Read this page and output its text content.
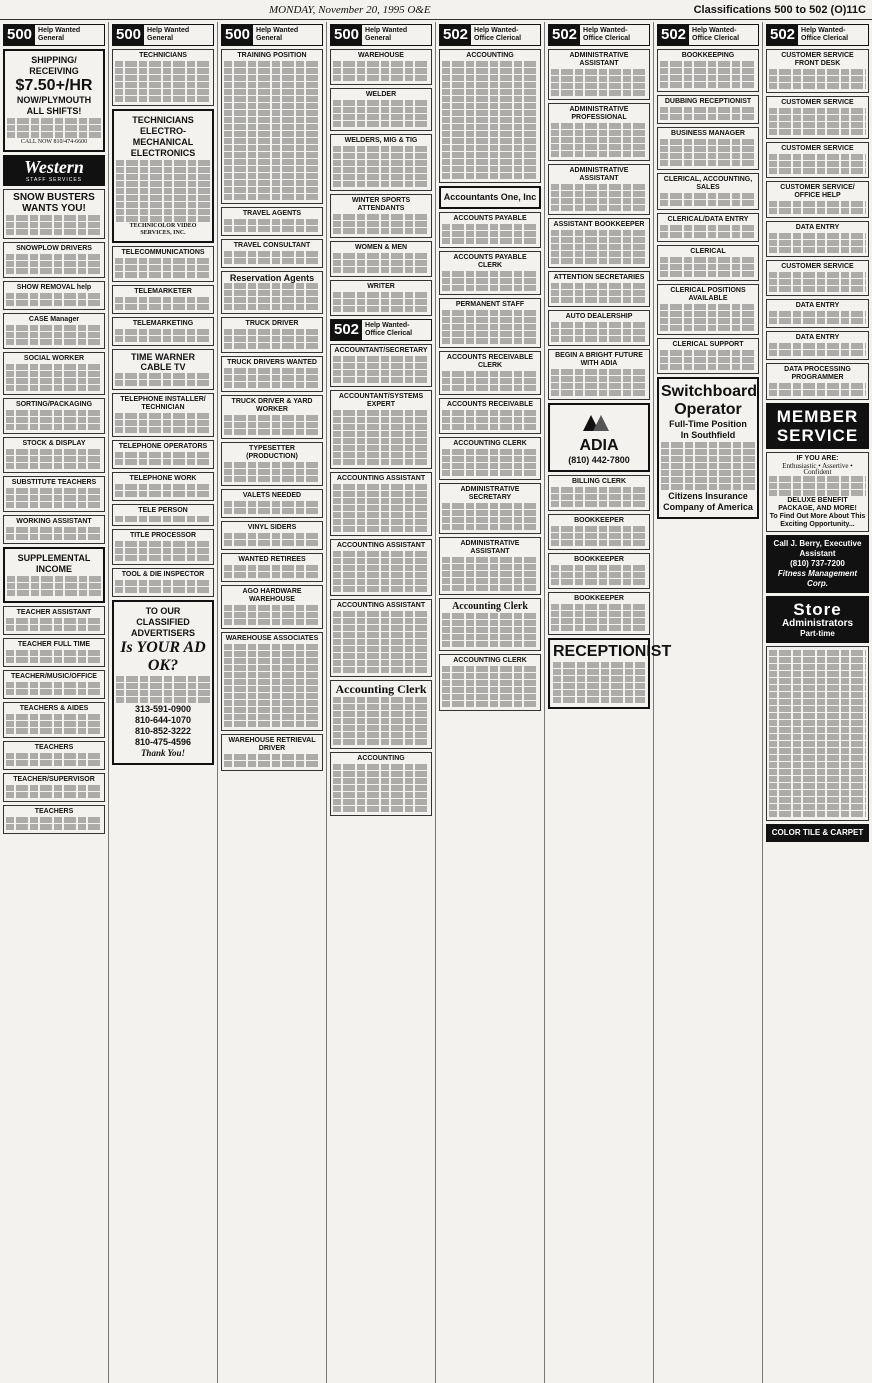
MONDAY, November 20, 1995 O&E	Classifications 500 to 502 (O)11C
500 Help Wanted General
SHIPPING/
RECEIVING
$7.50+/HR
NOW/PLYMOUTH
ALL SHIFTS!
CALL NOW 810/474-6600
Western
STAFF SERVICES
SNOW BUSTERS WANTS YOU!
SNOWPLOW DRIVERS
SHOW REMOVAL help
CASE Manager
SOCIAL WORKER
SORTING/PACKAGING
STOCK & DISPLAY
SUBSTITUTE TEACHERS
WORKING ASSISTANT
SUPPLEMENTAL INCOME
TEACHER ASSISTANT
TEACHER FULL TIME
TEACHER/MUSIC/OFFICE
TEACHERS & AIDES
TEACHERS
TEACHER/SUPERVISOR
TEACHERS
500 Help Wanted General
TECHNICIANS
TECHNICIANS ELECTRO-MECHANICAL ELECTRONICS
TECHNICOLOR VIDEO SERVICES, INC.
TELECOMMUNICATIONS
TELEMARKETER
TELEMARKETING
TIME WARNER CABLE TV
TELEPHONE INSTALLER/ TECHNICIAN
TELEPHONE OPERATORS
TELEPHONE WORK
TELE PERSON
TITLE PROCESSOR
TOOL & DIE INSPECTOR
TO OUR
CLASSIFIED
ADVERTISERS
Is YOUR AD OK?
313-591-0900
810-644-1070
810-852-3222
810-475-4596
Thank You!
500 Help Wanted General
TRAINING POSITION
TRAVEL AGENTS
TRAVEL CONSULTANT
Reservation Agents
TRUCK DRIVER
TRUCK DRIVERS WANTED
TRUCK DRIVER & YARD WORKER
TYPESETTER (PRODUCTION)
VALETS NEEDED
VINYL SIDERS
WANTED RETIREES
AGO HARDWARE WAREHOUSE
WAREHOUSE ASSOCIATES
WAREHOUSE RETRIEVAL DRIVER
500 Help Wanted General
WAREHOUSE
WELDER
WELDERS, MIG & TIG
WINTER SPORTS ATTENDANTS
WOMEN & MEN
WRITER
502 Help Wanted-Office Clerical
ACCOUNTANT/SECRETARY
ACCOUNTANT/SYSTEMS EXPERT
ACCOUNTING ASSISTANT
ACCOUNTING ASSISTANT
ACCOUNTING ASSISTANT
Accounting Clerk
ACCOUNTING
502 Help Wanted-Office Clerical
ACCOUNTING
Accountants One, Inc
ACCOUNTS PAYABLE
ACCOUNTS PAYABLE CLERK
PERMANENT STAFF
ACCOUNTS RECEIVABLE CLERK
ACCOUNTS RECEIVABLE
ACCOUNTING CLERK
ADMINISTRATIVE SECRETARY
ADMINISTRATIVE ASSISTANT
Accounting Clerk
ACCOUNTING CLERK
502 Help Wanted-Office Clerical
ADMINISTRATIVE ASSISTANT
ADMINISTRATIVE PROFESSIONAL
ADMINISTRATIVE ASSISTANT
ASSISTANT BOOKKEEPER
ATTENTION SECRETARIES
AUTO DEALERSHIP
BEGIN A BRIGHT FUTURE WITH ADIA
ADIA
(810) 442-7800
BILLING CLERK
BOOKKEEPER
BOOKKEEPER
BOOKKEEPER
RECEPTIONIST
502 Help Wanted-Office Clerical
BOOKKEEPING
DUBBING RECEPTIONIST
BUSINESS MANAGER
CLERICAL, ACCOUNTING, SALES
CLERICAL/DATA ENTRY
CLERICAL
CLERICAL POSITIONS AVAILABLE
CLERICAL SUPPORT
Switchboard
Operator
Full-Time Position
In Southfield
Citizens Insurance Company of America
502 Help Wanted-Office Clerical
CUSTOMER SERVICE FRONT DESK
CUSTOMER SERVICE
CUSTOMER SERVICE
CUSTOMER SERVICE/ OFFICE HELP
DATA ENTRY
CUSTOMER SERVICE
DATA ENTRY
DATA ENTRY
DATA PROCESSING PROGRAMMER
MEMBER
SERVICE
IF YOU ARE:
Enthusiastic • Assertive • Confident
DELUXE BENEFIT PACKAGE, AND MORE!
To Find Out More About This Exciting Opportunity...
Call J. Berry, Executive Assistant
(810) 737-7200
Fitness Management Corp.
Store
Administrators
Part-time
COLOR TILE & CARPET
